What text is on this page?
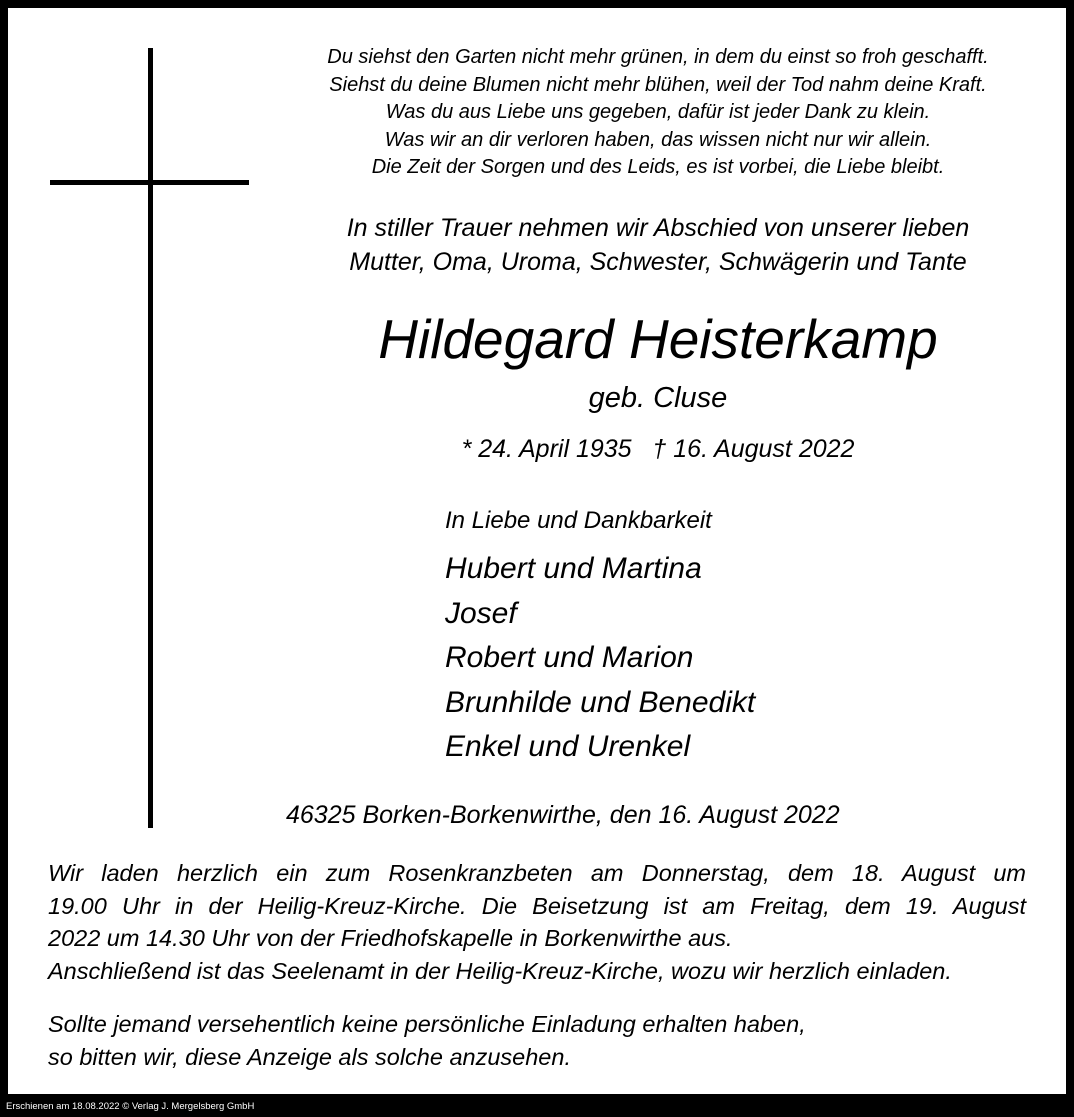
Du siehst den Garten nicht mehr grünen, in dem du einst so froh geschafft.
Siehst du deine Blumen nicht mehr blühen, weil der Tod nahm deine Kraft.
Was du aus Liebe uns gegeben, dafür ist jeder Dank zu klein.
Was wir an dir verloren haben, das wissen nicht nur wir allein.
Die Zeit der Sorgen und des Leids, es ist vorbei, die Liebe bleibt.
In stiller Trauer nehmen wir Abschied von unserer lieben
Mutter, Oma, Uroma, Schwester, Schwägerin und Tante
Hildegard Heisterkamp
geb. Cluse
* 24. April 1935   † 16. August 2022
In Liebe und Dankbarkeit
Hubert und Martina
Josef
Robert und Marion
Brunhilde und Benedikt
Enkel und Urenkel
46325 Borken-Borkenwirthe, den 16. August 2022
Wir laden herzlich ein zum Rosenkranzbeten am Donnerstag, dem 18. August um
19.00 Uhr in der Heilig-Kreuz-Kirche. Die Beisetzung ist am Freitag, dem 19. August
2022 um 14.30 Uhr von der Friedhofskapelle in Borkenwirthe aus.
Anschließend ist das Seelenamt in der Heilig-Kreuz-Kirche, wozu wir herzlich einladen.
Sollte jemand versehentlich keine persönliche Einladung erhalten haben,
so bitten wir, diese Anzeige als solche anzusehen.
Erschienen am 18.08.2022 © Verlag J. Mergelsberg GmbH
